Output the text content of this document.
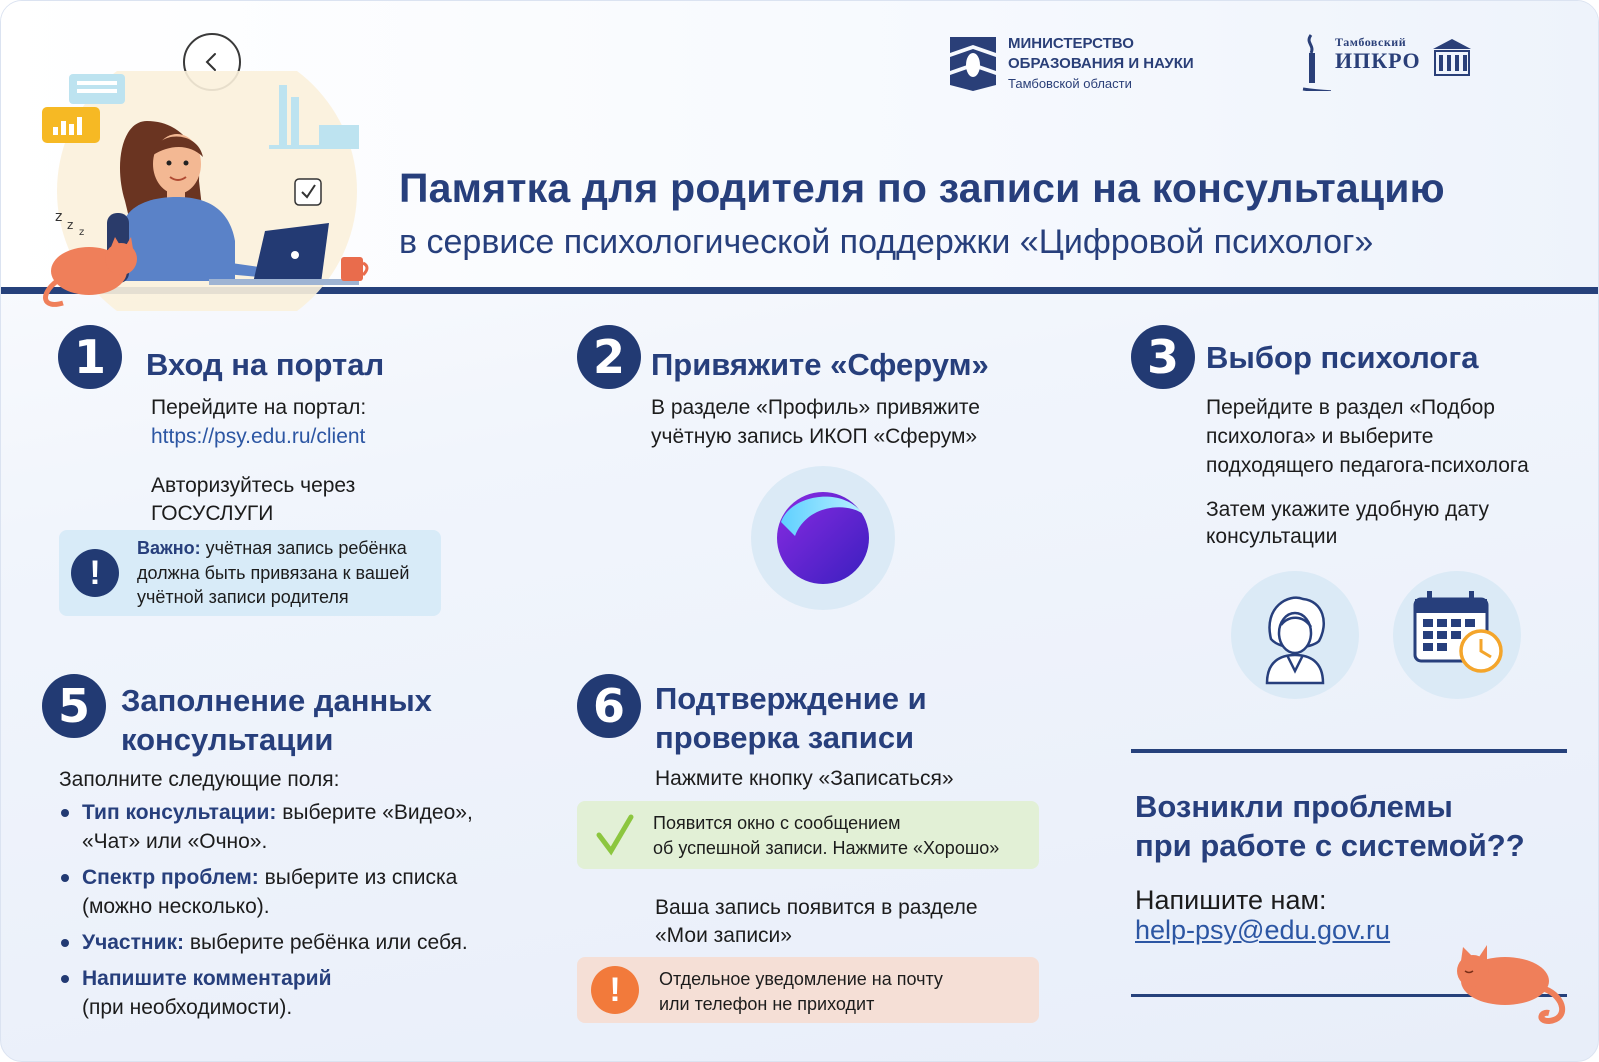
z z
z
МИНИСТЕРСТВО
ОБРАЗОВАНИЯ И НАУКИ
Тамбовской области
Тамбовский
ИПКРО
Памятка для родителя по записи на консультацию
в сервисе психологической поддержки «Цифровой психолог»
1	Вход на портал
Перейдите на портал:
https://psy.edu.ru/client
Авторизуйтесь через
ГОСУСЛУГИ
!
Важно: учётная запись ребёнка
должна быть привязана к вашей
учётной записи родителя
2 Привяжите «Сферум»
В разделе «Профиль» привяжите
учётную запись ИКОП «Сферум»
3 Выбор психолога
Перейдите в раздел «Подбор
психолога» и выберите
подходящего педагога-психолога
Затем укажите удобную дату
консультации
5	Заполнение данных
консультации
Заполните следующие поля:
Тип консультации: выберите «Видео»,
«Чат» или «Очно».
Спектр проблем: выберите из списка
(можно несколько).
Участник: выберите ребёнка или себя.
Напишите комментарий
(при необходимости).
6 Подтверждение и
проверка записи
Нажмите кнопку «Записаться»
Появится окно с сообщением
об успешной записи. Нажмите «Хорошо»
Ваша запись появится в разделе
«Мои записи»
!	Отдельное уведомление на почту
или телефон не приходит
Возникли проблемы
при работе с системой??
Напишите нам:
help-psy@edu.gov.ru
